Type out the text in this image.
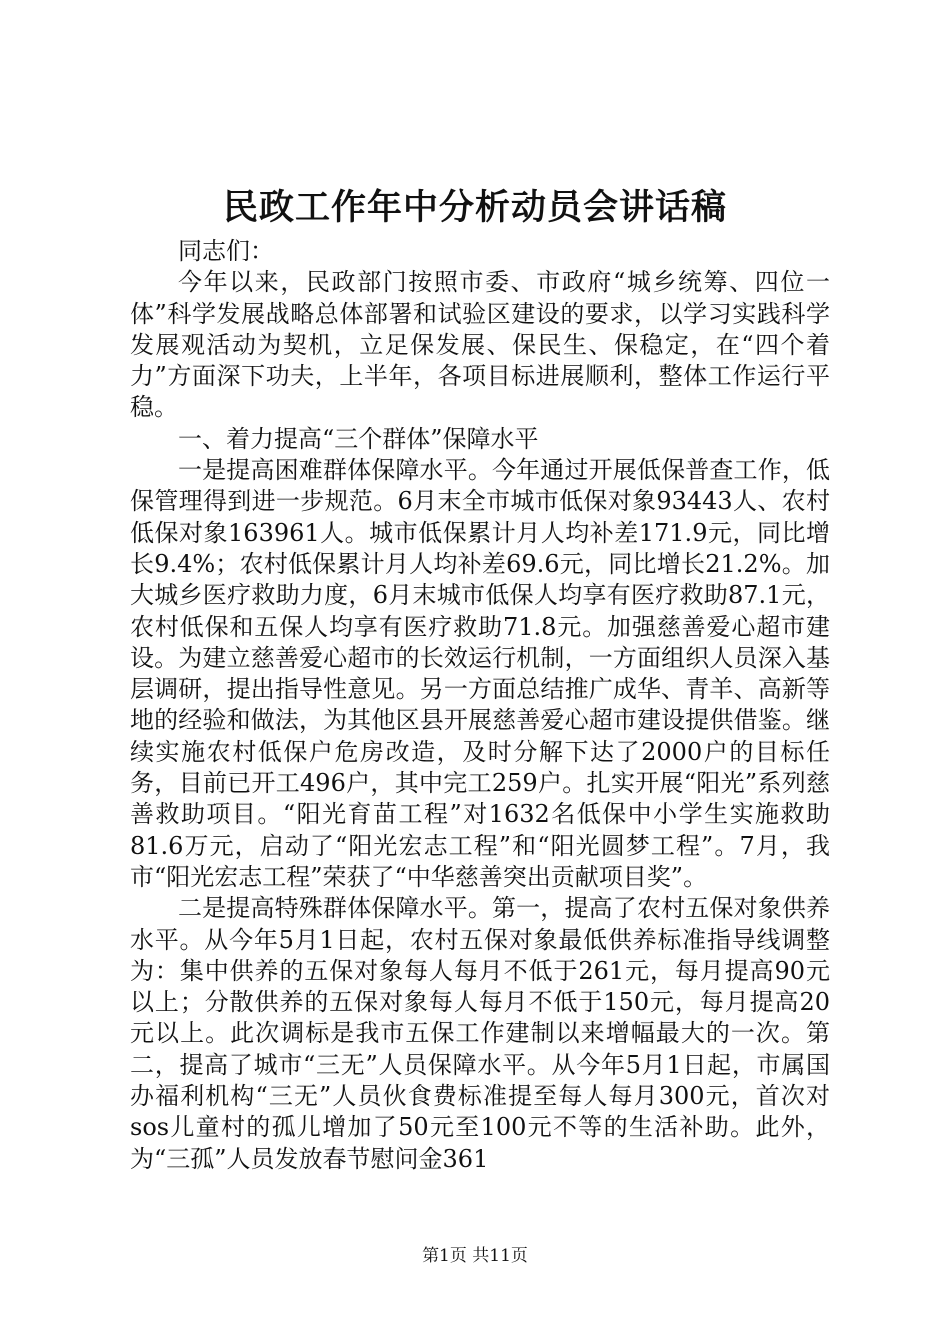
民政工作年中分析动员会讲话稿

同志们：

今年以来，民政部门按照市委、市政府“城乡统筹、四位一体”科学发展战略总体部署和试验区建设的要求，以学习实践科学发展观活动为契机，立足保发展、保民生、保稳定，在“四个着力”方面深下功夫，上半年，各项目标进展顺利，整体工作运行平稳。

一、着力提高“三个群体”保障水平

一是提高困难群体保障水平。今年通过开展低保普查工作，低保管理得到进一步规范。6月末全市城市低保对象93443人、农村低保对象163961人。城市低保累计月人均补差171.9元，同比增长9.4%；农村低保累计月人均补差69.6元，同比增长21.2%。加大城乡医疗救助力度，6月末城市低保人均享有医疗救助87.1元，农村低保和五保人均享有医疗救助71.8元。加强慈善爱心超市建设。为建立慈善爱心超市的长效运行机制，一方面组织人员深入基层调研，提出指导性意见。另一方面总结推广成华、青羊、高新等地的经验和做法，为其他区县开展慈善爱心超市建设提供借鉴。继续实施农村低保户危房改造，及时分解下达了2000户的目标任务，目前已开工496户，其中完工259户。扎实开展“阳光”系列慈善救助项目。“阳光育苗工程”对1632名低保中小学生实施救助81.6万元，启动了“阳光宏志工程”和“阳光圆梦工程”。7月，我市“阳光宏志工程”荣获了“中华慈善突出贡献项目奖”。

二是提高特殊群体保障水平。第一，提高了农村五保对象供养水平。从今年5月1日起，农村五保对象最低供养标准指导线调整为：集中供养的五保对象每人每月不低于261元，每月提高90元以上；分散供养的五保对象每人每月不低于150元，每月提高20元以上。此次调标是我市五保工作建制以来增幅最大的一次。第二，提高了城市“三无”人员保障水平。从今年5月1日起，市属国办福利机构“三无”人员伙食费标准提至每人每月300元，首次对sos儿童村的孤儿增加了50元至100元不等的生活补助。此外，为“三孤”人员发放春节慰问金361

第1页 共11页
